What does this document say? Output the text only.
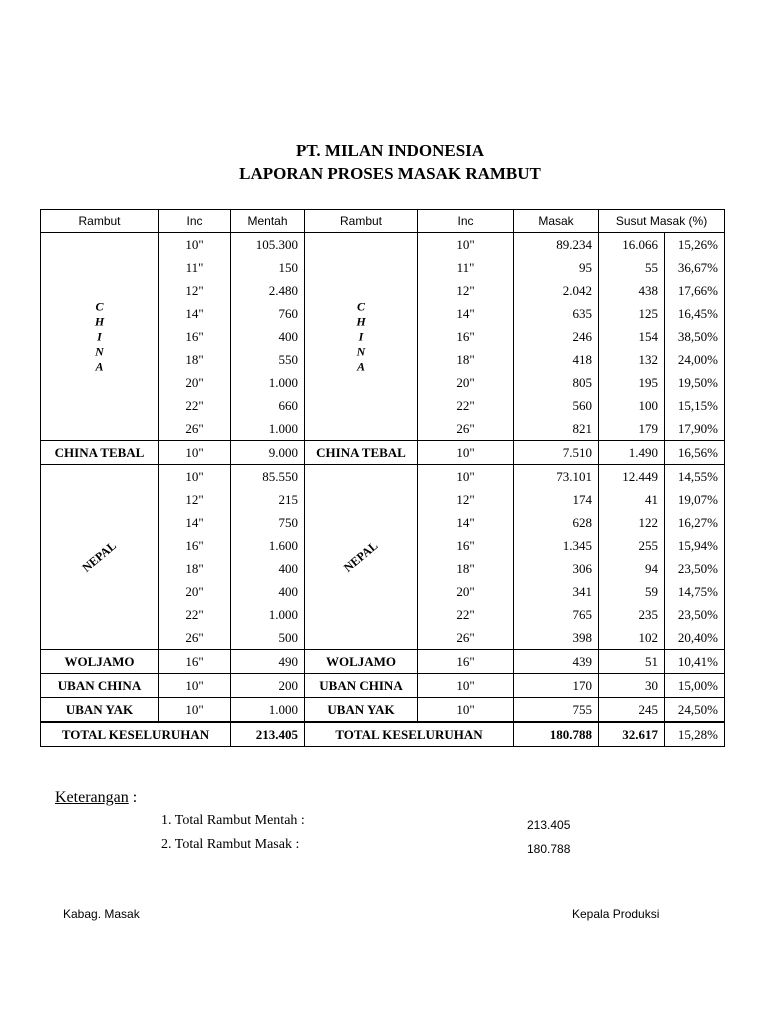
PT. MILAN INDONESIA
LAPORAN PROSES MASAK RAMBUT
Rambut	Inc	Mentah	Rambut	Inc	Masak	Susut Masak (%)	

C H I N A	10"	105.300	C H I N A	10"	89.234	16.066	15,26%
	11"	150		11"	95	55	36,67%
	12"	2.480		12"	2.042	438	17,66%
	14"	760		14"	635	125	16,45%
	16"	400		16"	246	154	38,50%
	18"	550		18"	418	132	24,00%
	20"	1.000		20"	805	195	19,50%
	22"	660		22"	560	100	15,15%
	26"	1.000		26"	821	179	17,90%
CHINA TEBAL	10"	9.000	CHINA TEBAL	10"	7.510	1.490	16,56%

NEPAL	10"	85.550	NEPAL	10"	73.101	12.449	14,55%
	12"	215		12"	174	41	19,07%
	14"	750		14"	628	122	16,27%
	16"	1.600		16"	1.345	255	15,94%
	18"	400		18"	306	94	23,50%
	20"	400		20"	341	59	14,75%
	22"	1.000		22"	765	235	23,50%
	26"	500		26"	398	102	20,40%
WOLJAMO	16"	490	WOLJAMO	16"	439	51	10,41%
UBAN CHINA	10"	200	UBAN CHINA	10"	170	30	15,00%
UBAN YAK	10"	1.000	UBAN YAK	10"	755	245	24,50%
TOTAL KESELURUHAN		213.405	TOTAL KESELURUHAN		180.788	32.617	15,28%
Keterangan :
1. Total Rambut Mentah :	213.405
2. Total Rambut Masak :	180.788
Kabag. Masak	Kepala Produksi
